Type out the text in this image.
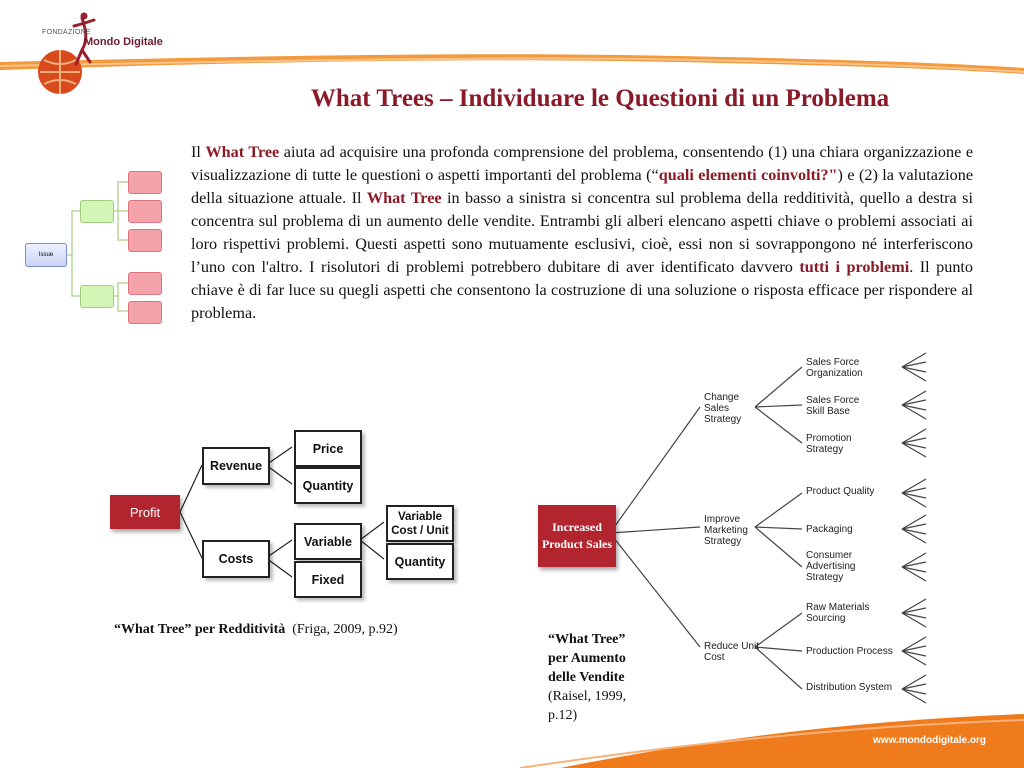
FONDAZIONE
Mondo Digitale
What Trees – Individuare le Questioni di un Problema
Il What Tree aiuta ad acquisire una profonda comprensione del problema, consentendo (1) una chiara organizzazione e visualizzazione di tutte le questioni o aspetti importanti del problema (“quali elementi coinvolti?") e (2) la valutazione della situazione attuale. Il What Tree in basso a sinistra si concentra sul problema della redditività, quello a destra si concentra sul problema di un aumento delle vendite. Entrambi gli alberi elencano aspetti chiave o problemi associati ai loro rispettivi problemi. Questi aspetti sono mutuamente esclusivi, cioè, essi non si sovrappongono né interferiscono l’uno con l'altro. I risolutori di problemi potrebbero dubitare di aver identificato davvero tutti i problemi. Il punto chiave è di far luce su quegli aspetti che consentono la costruzione di una soluzione o risposta efficace per rispondere al problema.
Issue
Profit
Revenue
Costs
Price
Quantity
Variable
Fixed
Variable Cost / Unit
Quantity
“What Tree” per Redditività (Friga, 2009, p.92)
Increased Product Sales
Change Sales Strategy
Improve Marketing Strategy
Reduce Unit Cost
Sales Force Organization
Sales Force Skill Base
Promotion Strategy
Product Quality
Packaging
Consumer Advertising Strategy
Raw Materials Sourcing
Production Process
Distribution System
“What Tree” per Aumento delle Vendite
(Raisel, 1999, p.12)
www.mondodigitale.org
